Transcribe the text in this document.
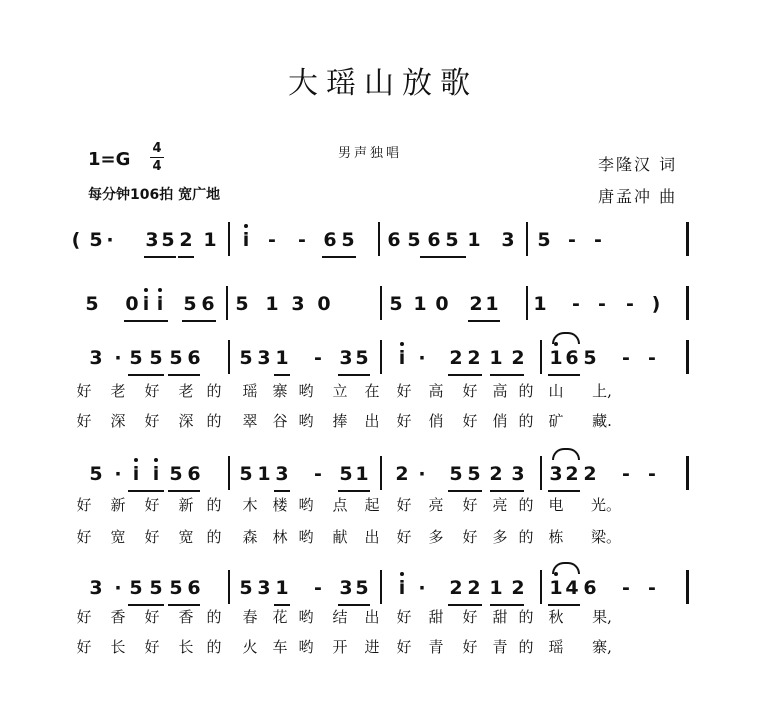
大瑶山放歌
男声独唱
1=G
4
4
每分钟106拍 宽广地
李隆汉 词
唐孟冲 曲
( 5 · 3 5 2 1 i - - 6 5 6 5 6 5 1 3 5 - -
5 0 i i 5 6 5 1 3 0	5 1 0 2 1 1 - - - )
3 · 5 5 5 6 5 3 1 - 3 5 i · 2 2 1 2 1 6 5 - -
好 老 好 老 的 瑶 寨 哟 立 在 好 高 好 高 的 山 上,
好 深 好 深 的 翠 谷 哟 捧 出 好 俏 好 俏 的 矿 藏.
5 · i i 5 6 5 1 3 - 5 1 2 · 5 5 2 3 3 2 2 - -
好 新 好 新 的 木 楼 哟 点 起 好 亮 好 亮 的 电 光。
好 宽 好 宽 的 森 林 哟 献 出 好 多 好 多 的 栋 梁。
3 · 5 5 5 6 5 3 1 - 3 5 i · 2 2 1 2 1 4 6 - -
好 香 好 香 的 春 花 哟 结 出 好 甜 好 甜 的 秋 果,
好 长 好 长 的 火 车 哟 开 进 好 青 好 青 的 瑶 寨,
